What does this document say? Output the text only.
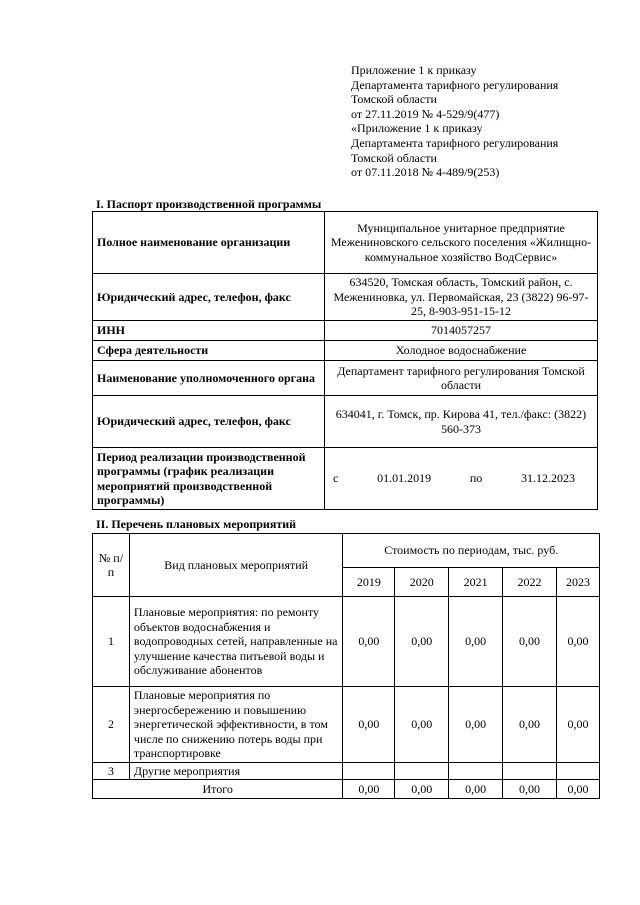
Приложение 1 к приказу
Департамента тарифного регулирования
Томской области
от 27.11.2019 № 4-529/9(477)
«Приложение 1 к приказу
Департамента тарифного регулирования
Томской области
от 07.11.2018 № 4-489/9(253)
I. Паспорт производственной программы
Полное наименование организации	Муниципальное унитарное предприятие Межениновского сельского поселения «Жилищно-коммунальное хозяйство ВодСервис»
Юридический адрес, телефон, факс	634520, Томская область, Томский район, с. Межениновка, ул. Первомайская, 23 (3822) 96-97-25, 8-903-951-15-12
ИНН	7014057257
Сфера деятельности	Холодное водоснабжение
Наименование уполномоченного органа	Департамент тарифного регулирования Томской области
Юридический адрес, телефон, факс	634041, г. Томск, пр. Кирова 41, тел./факс: (3822) 560-373
Период реализации производственной программы (график реализации мероприятий производственной программы)	с 01.01.2019 по 31.12.2023
II. Перечень плановых мероприятий
№ п/п	Вид плановых мероприятий	Стоимость по периодам, тыс. руб.				
		2019	2020	2021	2022	2023
1	Плановые мероприятия: по ремонту объектов водоснабжения и водопроводных сетей, направленные на улучшение качества питьевой воды и обслуживание абонентов	0,00	0,00	0,00	0,00	0,00
2	Плановые мероприятия по энергосбережению и повышению энергетической эффективности, в том числе по снижению потерь воды при транспортировке	0,00	0,00	0,00	0,00	0,00
3	Другие мероприятия					
Итого		0,00	0,00	0,00	0,00	0,00
